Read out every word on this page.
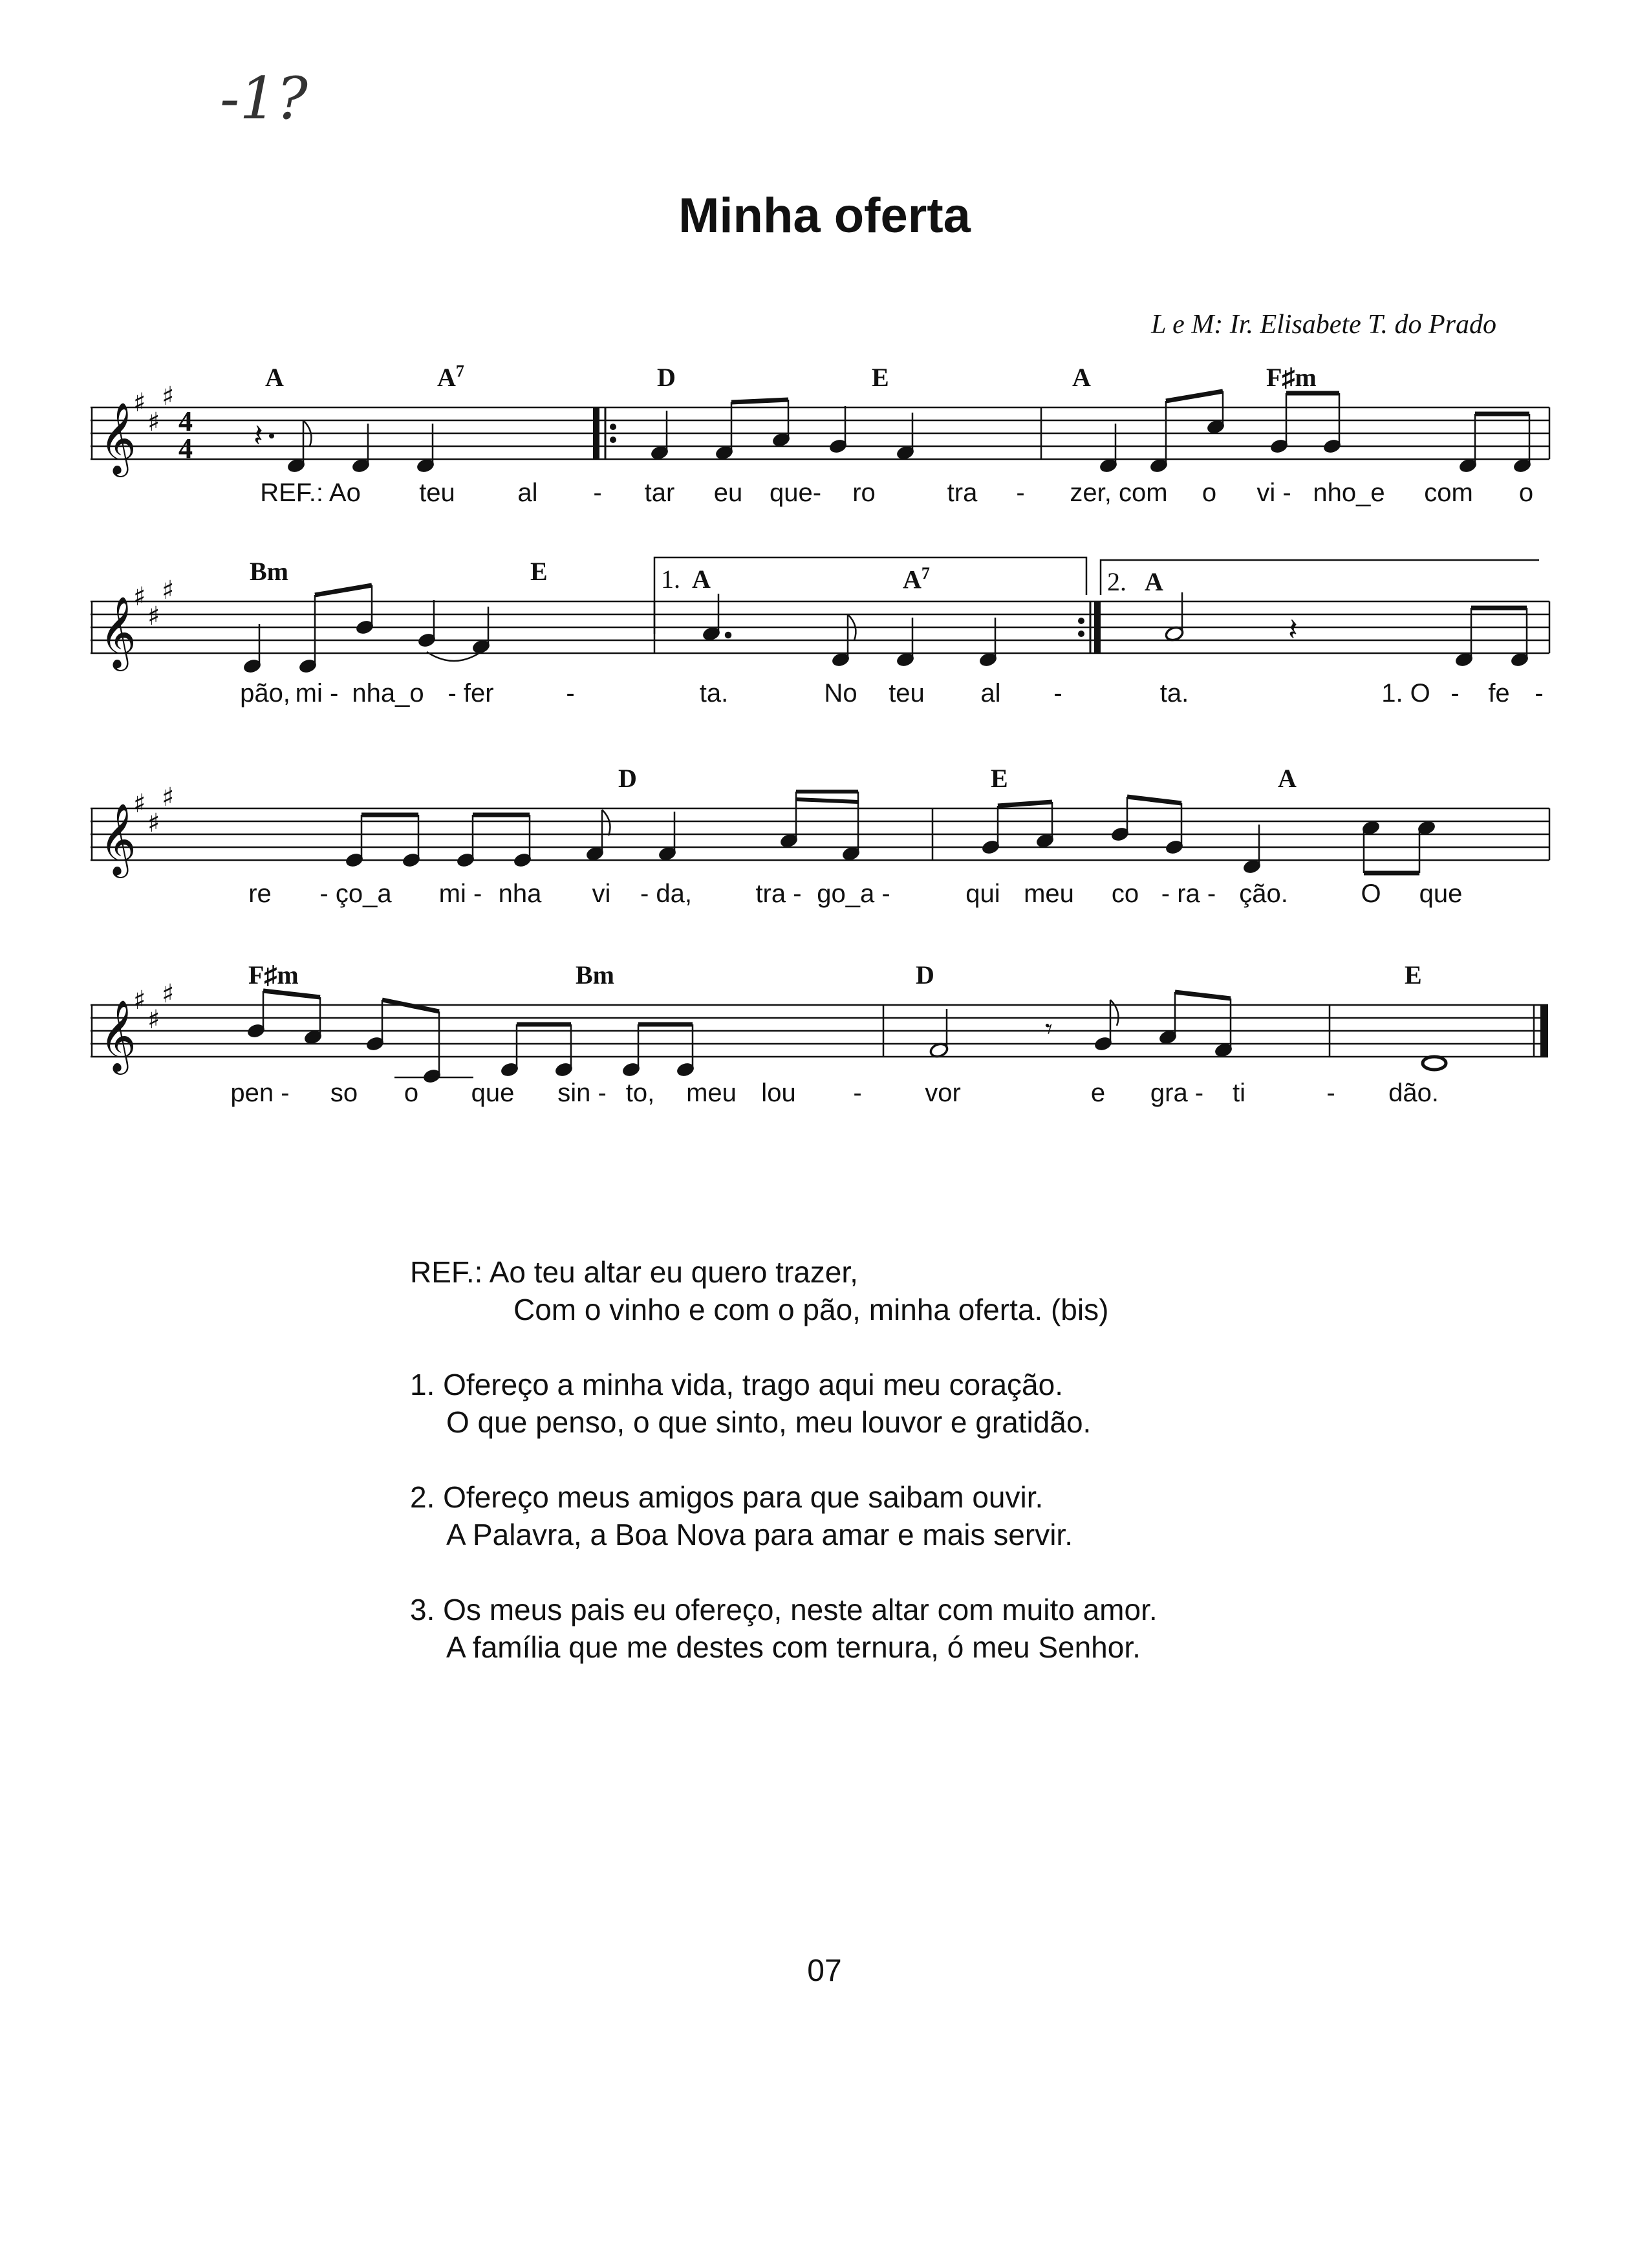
-1?
Minha oferta
L e M: Ir. Elisabete T. do Prado
𝄞
♯
♯
♯
4
4 𝄽
A	$A^7$	D	E	A	F♯m
REF.: Ao teu al - tar eu que- ro	tra - zer, com o vi - nho_e com o
𝄞
♯
♯
♯
𝄽
Bm	E	1. A	$A^7$	2. A
pão, mi - nha_o - fer	-	ta.	No teu al -	ta.	1. O - fe -
𝄞
♯
♯
♯
D	E	A
re - ço_a mi - nha vi - da, tra - go_a -	qui meu co - ra - ção.	O que
𝄞
♯
♯
♯
𝄾
F♯m	Bm	D	E
pen - so o que sin - to, meu lou - vor	e gra - ti	- dão.
REF.: Ao teu altar eu quero trazer,
Com o vinho e com o pão, minha oferta. (bis)
1. Ofereço a minha vida, trago aqui meu coração.
O que penso, o que sinto, meu louvor e gratidão.
2. Ofereço meus amigos para que saibam ouvir.
A Palavra, a Boa Nova para amar e mais servir.
3. Os meus pais eu ofereço, neste altar com muito amor.
A família que me destes com ternura, ó meu Senhor.
07
